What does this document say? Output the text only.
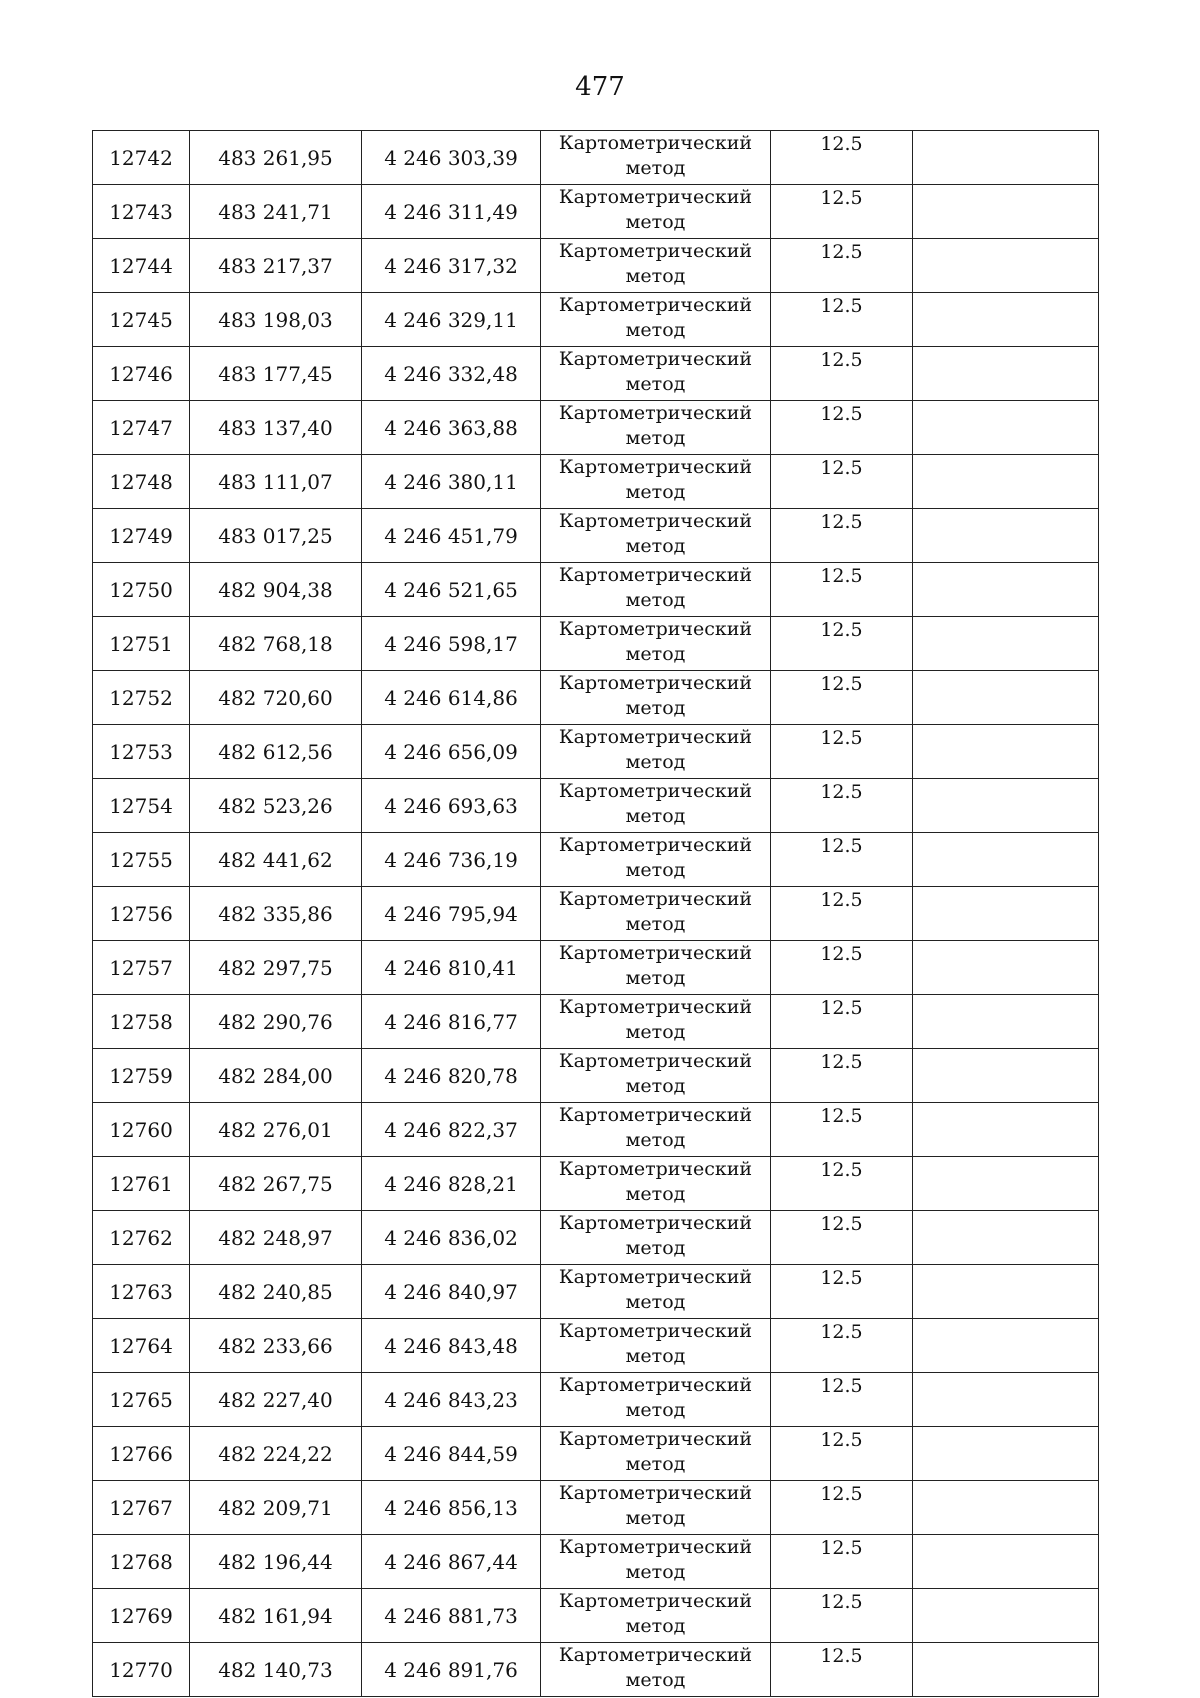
477
12742	483 261,95	4 246 303,39	Картометрический
метод	12.5	
12743	483 241,71	4 246 311,49	Картометрический
метод	12.5	
12744	483 217,37	4 246 317,32	Картометрический
метод	12.5	
12745	483 198,03	4 246 329,11	Картометрический
метод	12.5	
12746	483 177,45	4 246 332,48	Картометрический
метод	12.5	
12747	483 137,40	4 246 363,88	Картометрический
метод	12.5	
12748	483 111,07	4 246 380,11	Картометрический
метод	12.5	
12749	483 017,25	4 246 451,79	Картометрический
метод	12.5	
12750	482 904,38	4 246 521,65	Картометрический
метод	12.5	
12751	482 768,18	4 246 598,17	Картометрический
метод	12.5	
12752	482 720,60	4 246 614,86	Картометрический
метод	12.5	
12753	482 612,56	4 246 656,09	Картометрический
метод	12.5	
12754	482 523,26	4 246 693,63	Картометрический
метод	12.5	
12755	482 441,62	4 246 736,19	Картометрический
метод	12.5	
12756	482 335,86	4 246 795,94	Картометрический
метод	12.5	
12757	482 297,75	4 246 810,41	Картометрический
метод	12.5	
12758	482 290,76	4 246 816,77	Картометрический
метод	12.5	
12759	482 284,00	4 246 820,78	Картометрический
метод	12.5	
12760	482 276,01	4 246 822,37	Картометрический
метод	12.5	
12761	482 267,75	4 246 828,21	Картометрический
метод	12.5	
12762	482 248,97	4 246 836,02	Картометрический
метод	12.5	
12763	482 240,85	4 246 840,97	Картометрический
метод	12.5	
12764	482 233,66	4 246 843,48	Картометрический
метод	12.5	
12765	482 227,40	4 246 843,23	Картометрический
метод	12.5	
12766	482 224,22	4 246 844,59	Картометрический
метод	12.5	
12767	482 209,71	4 246 856,13	Картометрический
метод	12.5	
12768	482 196,44	4 246 867,44	Картометрический
метод	12.5	
12769	482 161,94	4 246 881,73	Картометрический
метод	12.5	
12770	482 140,73	4 246 891,76	Картометрический
метод	12.5	
